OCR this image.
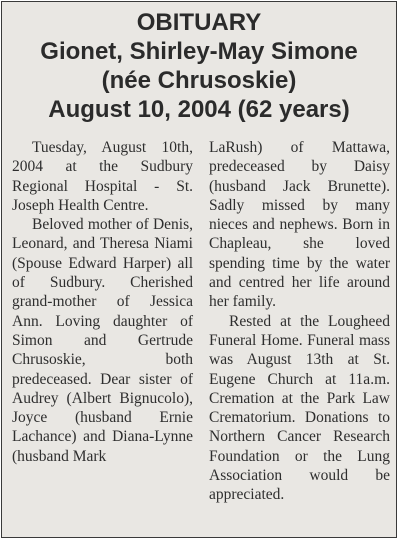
OBITUARY
Gionet, Shirley-May Simone
(née Chrusoskie)
August 10, 2004 (62 years)

Tuesday, August 10th, 2004 at the Sudbury Regional Hospital - St. Joseph Health Centre.

Beloved mother of Denis, Leonard, and Theresa Niami (Spouse Edward Harper) all of Sudbury. Cherished grand-mother of Jessica Ann. Loving daughter of Simon and Gertrude Chrusoskie, both predeceased. Dear sister of Audrey (Albert Bignucolo), Joyce (husband Ernie Lachance) and Diana-Lynne (husband Mark

LaRush) of Mattawa, predeceased by Daisy (husband Jack Brunette). Sadly missed by many nieces and nephews. Born in Chapleau, she loved spending time by the water and centred her life around her family.

Rested at the Lougheed Funeral Home. Funeral mass was August 13th at St. Eugene Church at 11a.m. Cremation at the Park Law Crematorium. Donations to Northern Cancer Research Foundation or the Lung Association would be appreciated.
